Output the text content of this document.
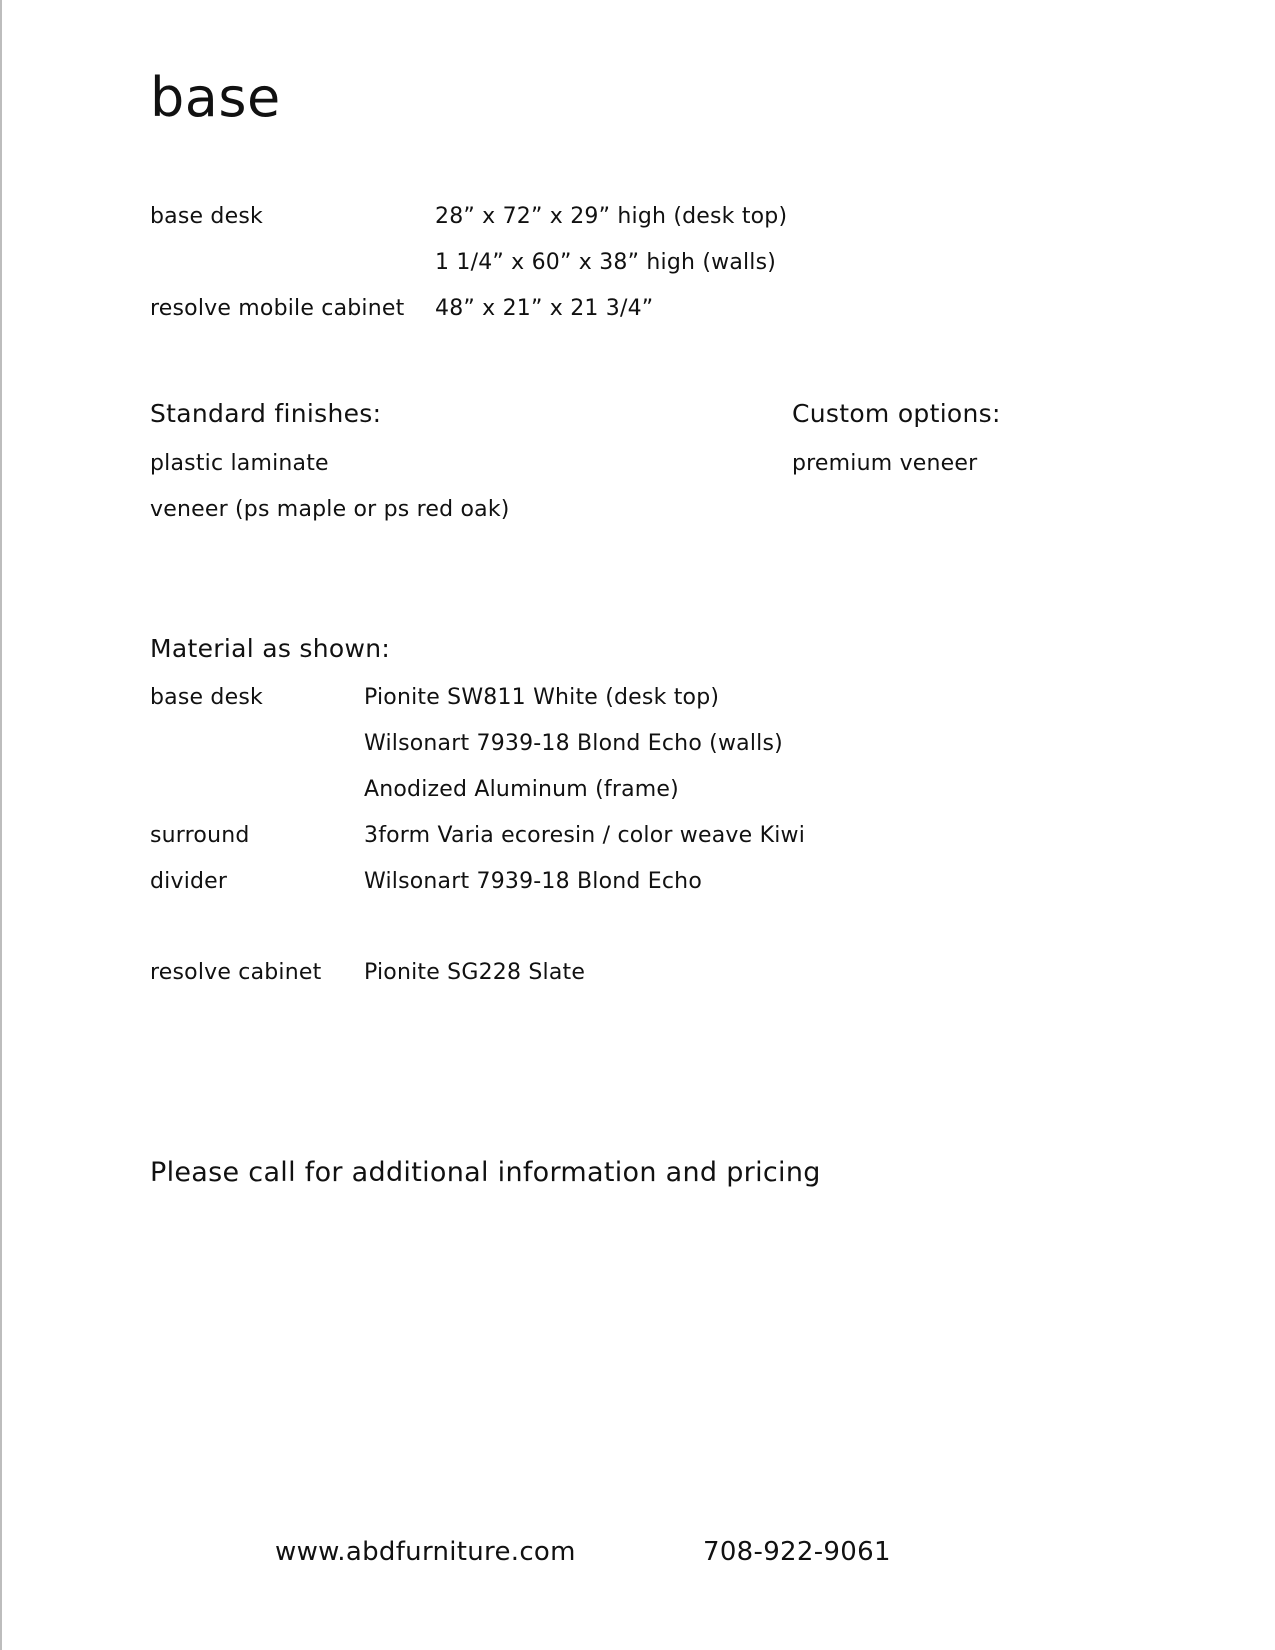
base
base desk	28” x 72” x 29” high (desk top)
1 1/4” x 60” x 38” high (walls)
resolve mobile cabinet 48” x 21” x 21 3/4”
Standard finishes:
plastic laminate
veneer (ps maple or ps red oak)
Custom options:
premium veneer
Material as shown:
base desk	Pionite SW811 White (desk top)
Wilsonart 7939-18 Blond Echo (walls)
Anodized Aluminum (frame)
surround	3form Varia ecoresin / color weave Kiwi
divider	Wilsonart 7939-18 Blond Echo
resolve cabinet Pionite SG228 Slate
Please call for additional information and pricing
www.abdfurniture.com	708-922-9061
